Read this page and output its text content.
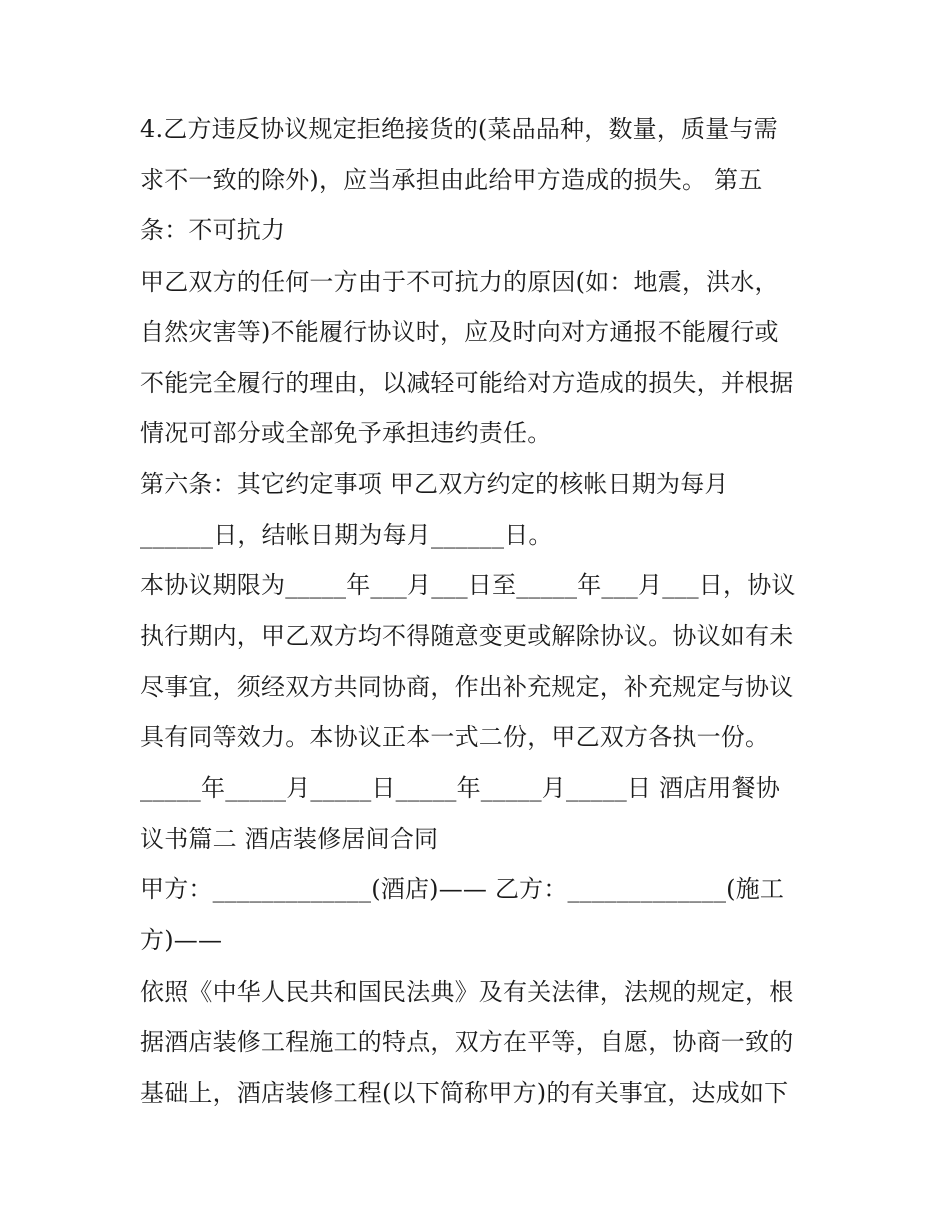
4.乙方违反协议规定拒绝接货的(菜品品种，数量，质量与需
求不一致的除外)，应当承担由此给甲方造成的损失。 第五
条：不可抗力
甲乙双方的任何一方由于不可抗力的原因(如：地震，洪水，
自然灾害等)不能履行协议时，应及时向对方通报不能履行或
不能完全履行的理由，以减轻可能给对方造成的损失，并根据
情况可部分或全部免予承担违约责任。
第六条：其它约定事项 甲乙双方约定的核帐日期为每月
______日，结帐日期为每月______日。
本协议期限为_____年___月___日至_____年___月___日，协议
执行期内，甲乙双方均不得随意变更或解除协议。协议如有未
尽事宜，须经双方共同协商，作出补充规定，补充规定与协议
具有同等效力。本协议正本一式二份，甲乙双方各执一份。
_____年_____月_____日_____年_____月_____日 酒店用餐协
议书篇二 酒店装修居间合同
甲方：_____________(酒店)—— 乙方：_____________(施工
方)——
依照《中华人民共和国民法典》及有关法律，法规的规定，根
据酒店装修工程施工的特点，双方在平等，自愿，协商一致的
基础上，酒店装修工程(以下简称甲方)的有关事宜，达成如下
